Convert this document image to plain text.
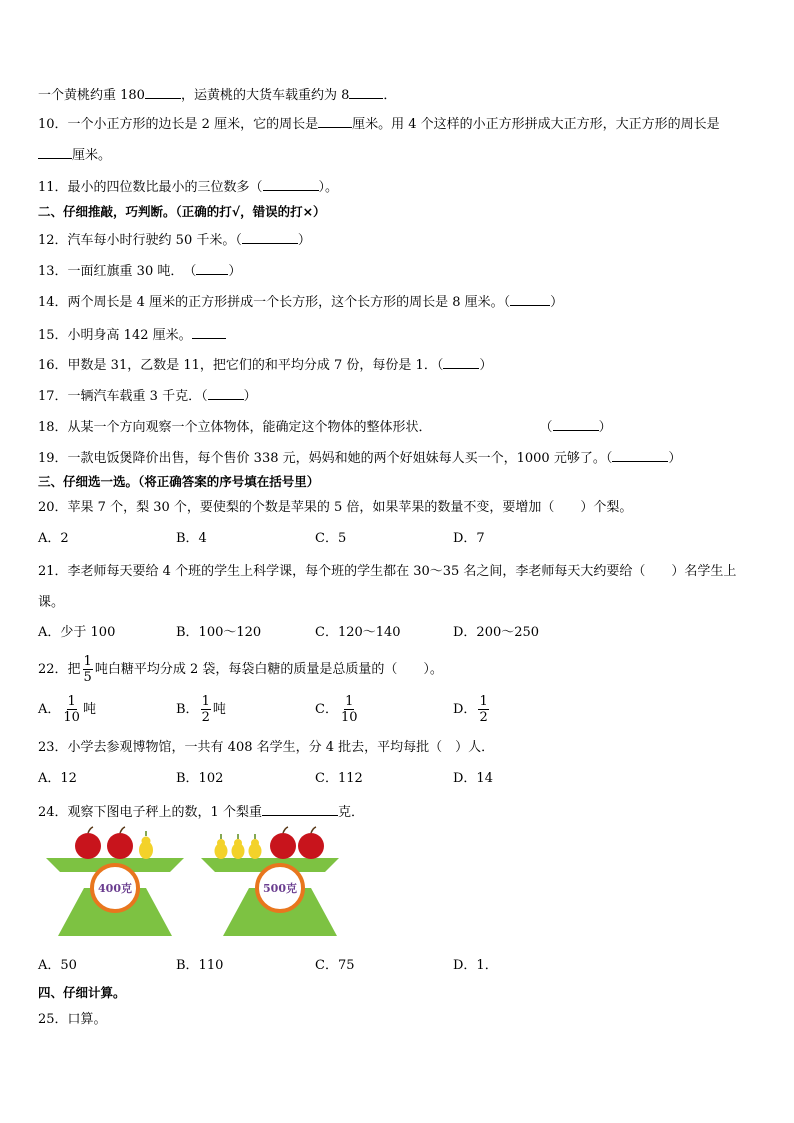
一个黄桃约重 180	，运黄桃的大货车载重约为 8	．
10．一个小正方形的边长是 2 厘米，它的周长是	厘米。用 4 个这样的小正方形拼成大正方形，大正方形的周长是
厘米。
11．最小的四位数比最小的三位数多（	）。
二、仔细推敲，巧判断。（正确的打√，错误的打×）
12．汽车每小时行驶约 50 千米。（	）
13．一面红旗重 30 吨．　（ ）
14．两个周长是 4 厘米的正方形拼成一个长方形，这个长方形的周长是 8 厘米。（	）
15．小明身高 142 厘米。
16．甲数是 31，乙数是 11，把它们的和平均分成 7 份，每份是 1．（	）
17．一辆汽车载重 3 千克．（	）
18．从某一个方向观察一个立体物体，能确定这个物体的整体形状．	（	）
19．一款电饭煲降价出售，每个售价 338 元，妈妈和她的两个好姐妹每人买一个，1000 元够了。（	）
三、仔细选一选。（将正确答案的序号填在括号里）
20．苹果 7 个，梨 30 个，要使梨的个数是苹果的 5 倍，如果苹果的数量不变，要增加（　　）个梨。
A．2	B．4	C．5	D．7
21．李老师每天要给 4 个班的学生上科学课，每个班的学生都在 30～35 名之间，李老师每天大约要给（　　）名学生上课。
A．少于 100	B．100～120	C．120～140	D．200～250
22．把 $\frac{1}{5}$ 吨白糖平均分成 2 袋，每袋白糖的质量是总质量的（　　）。
A． $\frac{1}{10}$ 吨	B． $\frac{1}{2}$ 吨	C． $\frac{1}{10}$	D． $\frac{1}{2}$
23．小学去参观博物馆，一共有 408 名学生，分 4 批去，平均每批（　）人．
A．12	B．102	C．112	D．14
24．观察下图电子秤上的数，1 个梨重	克．
400克	500克
A．50	B．110	C．75	D．1．
四、仔细计算。
25．口算。
